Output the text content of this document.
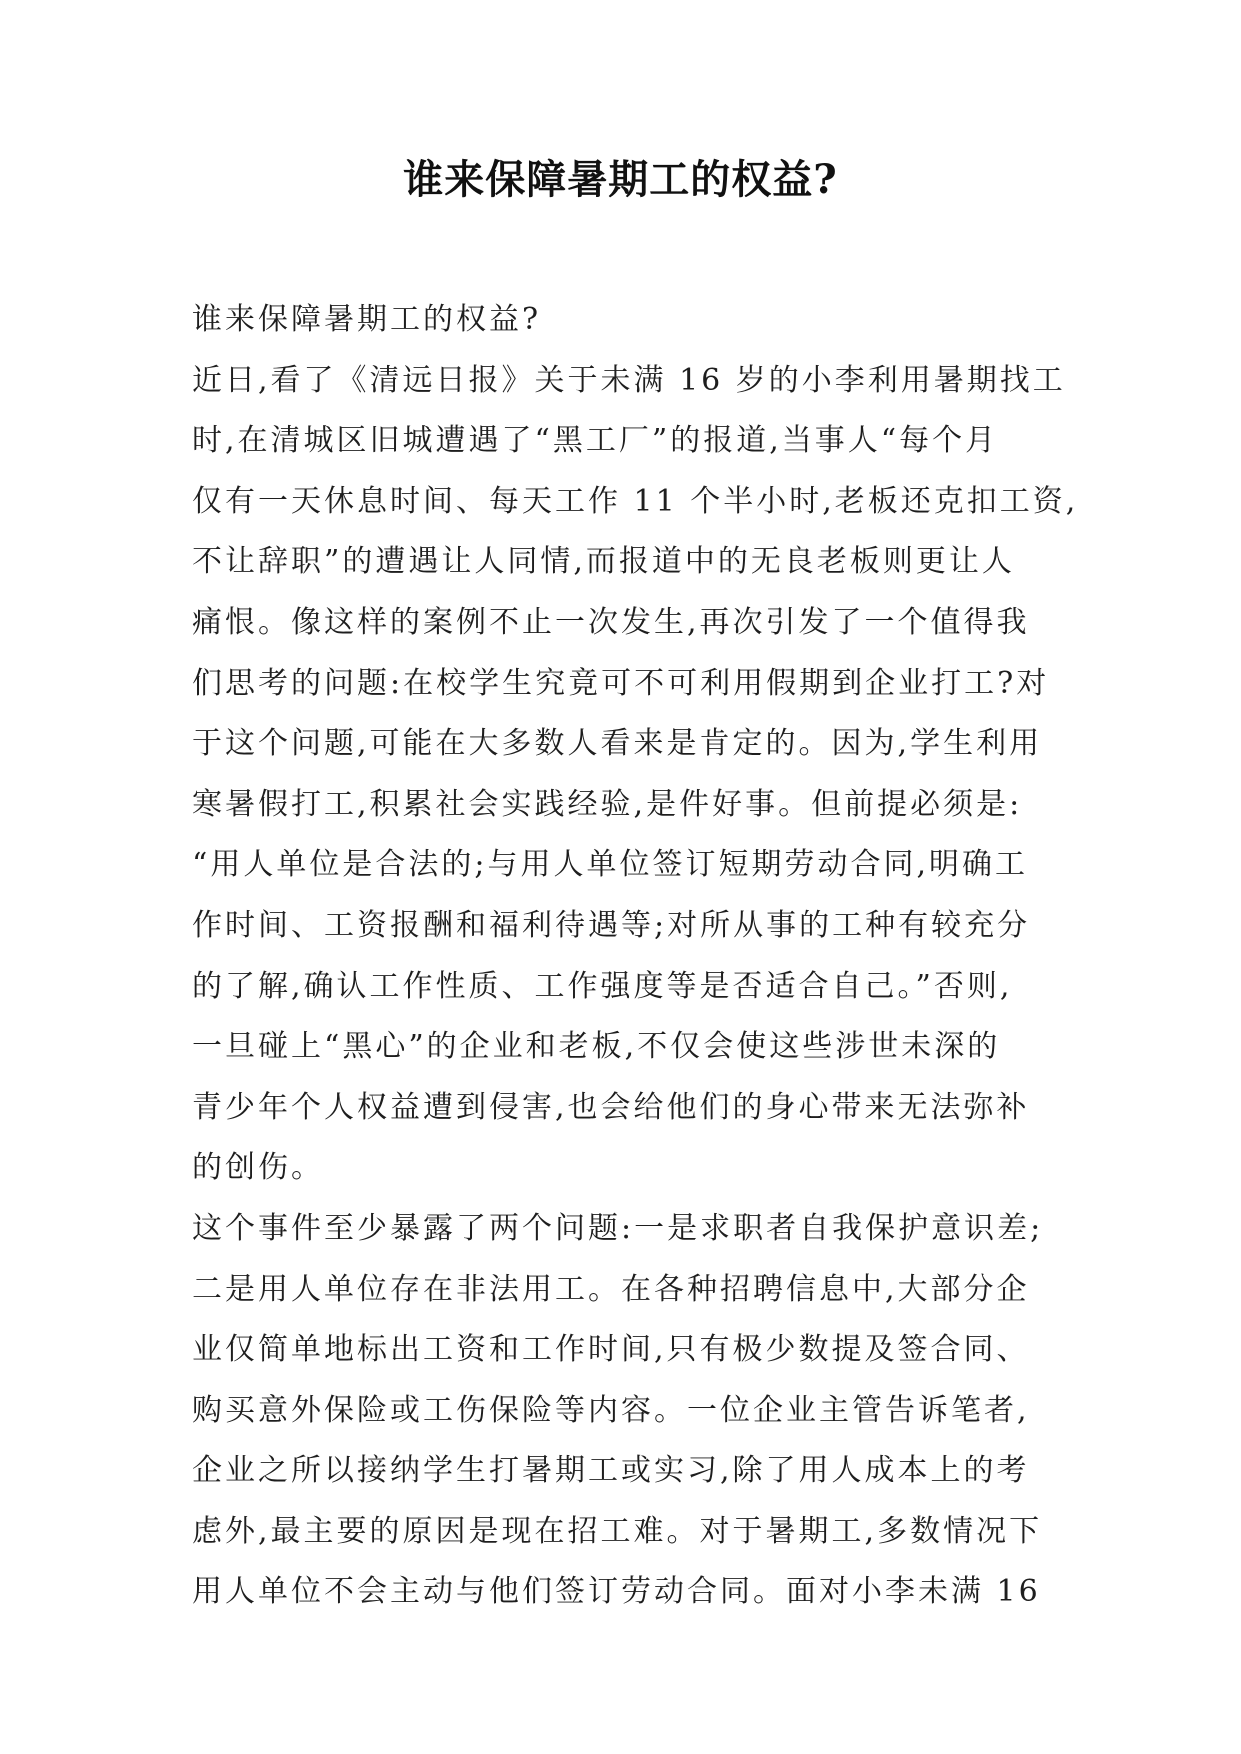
谁来保障暑期工的权益?
谁来保障暑期工的权益?
近日,看了《清远日报》关于未满 16 岁的小李利用暑期找工
时,在清城区旧城遭遇了“黑工厂”的报道,当事人“每个月
仅有一天休息时间、每天工作 11 个半小时,老板还克扣工资,
不让辞职”的遭遇让人同情,而报道中的无良老板则更让人
痛恨。像这样的案例不止一次发生,再次引发了一个值得我
们思考的问题:在校学生究竟可不可利用假期到企业打工?对
于这个问题,可能在大多数人看来是肯定的。因为,学生利用
寒暑假打工,积累社会实践经验,是件好事。但前提必须是:
“用人单位是合法的;与用人单位签订短期劳动合同,明确工
作时间、工资报酬和福利待遇等;对所从事的工种有较充分
的了解,确认工作性质、工作强度等是否适合自己。”否则,
一旦碰上“黑心”的企业和老板,不仅会使这些涉世未深的
青少年个人权益遭到侵害,也会给他们的身心带来无法弥补
的创伤。
这个事件至少暴露了两个问题:一是求职者自我保护意识差;
二是用人单位存在非法用工。在各种招聘信息中,大部分企
业仅简单地标出工资和工作时间,只有极少数提及签合同、
购买意外保险或工伤保险等内容。一位企业主管告诉笔者,
企业之所以接纳学生打暑期工或实习,除了用人成本上的考
虑外,最主要的原因是现在招工难。对于暑期工,多数情况下
用人单位不会主动与他们签订劳动合同。面对小李未满 16
